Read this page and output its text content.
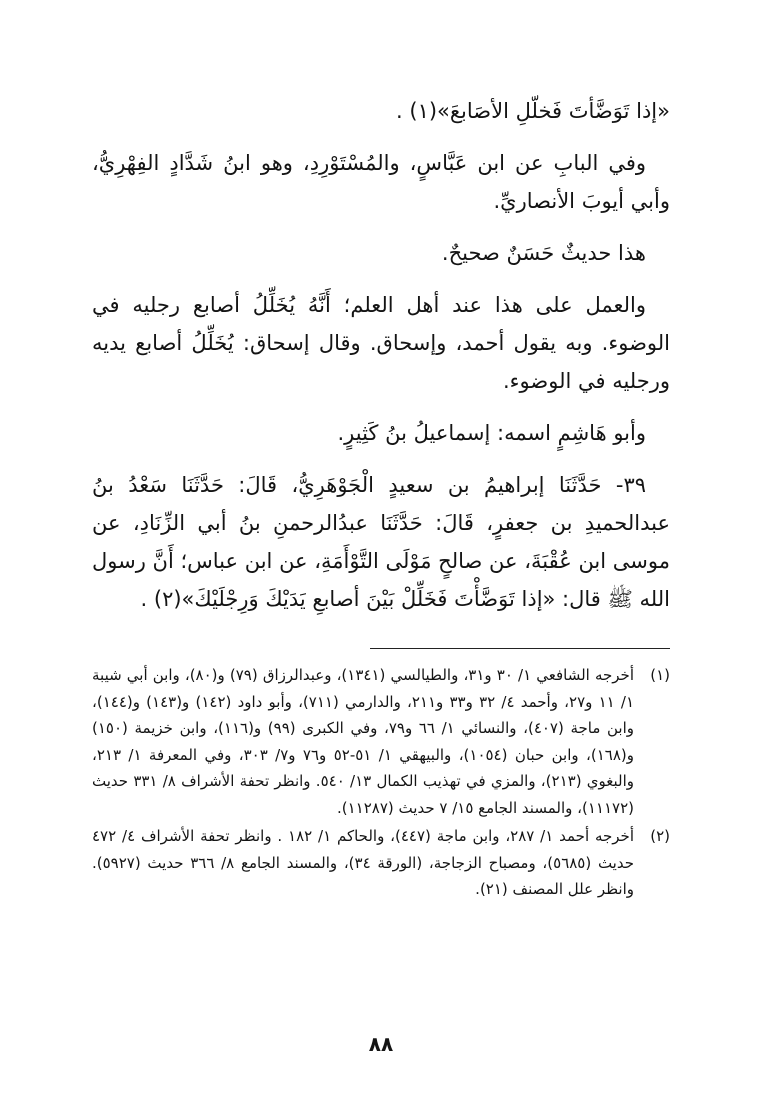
«إذا تَوَضَّأتَ فَخلّلِ الأصَابعَ»(١) .

وفي البابِ عن ابن عَبَّاسٍ، والمُسْتَوْرِدِ، وهو ابنُ شَدَّادٍ الفِهْرِيُّ، وأبي أيوبَ الأنصاريِّ.

هذا حديثٌ حَسَنٌ صحيحٌ.

والعمل على هذا عند أهل العلم؛ أَنَّهُ يُخَلِّلُ أصابع رجليه في الوضوء. وبه يقول أحمد، وإسحاق. وقال إسحاق: يُخَلِّلُ أصابع يديه ورجليه في الوضوء.

وأبو هَاشِمٍ اسمه: إسماعيلُ بنُ كَثِيرٍ.

٣٩- حَدَّثَنَا إبراهيمُ بن سعيدٍ الْجَوْهَرِيُّ، قَالَ: حَدَّثَنَا سَعْدُ بنُ عبدالحميدِ بن جعفرٍ، قَالَ: حَدَّثَنَا عبدُالرحمنِ بنُ أبي الزِّنَادِ، عن موسى ابن عُقْبَةَ، عن صالحٍ مَوْلَى التَّوْأَمَةِ، عن ابن عباس؛ أَنَّ رسول الله ﷺ قال: «إذا تَوَضَّأْتَ فَخَلِّلْ بَيْنَ أصابعِ يَدَيْكَ وَرِجْلَيْكَ»(٢) .

(١)
أخرجه الشافعي ١/ ٣٠ و٣١، والطيالسي (١٣٤١)، وعبدالرزاق (٧٩) و(٨٠)، وابن أبي شيبة ١/ ١١ و٢٧، وأحمد ٤/ ٣٢ و٣٣ و٢١١، والدارمي (٧١١)، وأبو داود (١٤٢) و(١٤٣) و(١٤٤)، وابن ماجة (٤٠٧)، والنسائي ١/ ٦٦ و٧٩، وفي الكبرى (٩٩) و(١١٦)، وابن خزيمة (١٥٠) و(١٦٨)، وابن حبان (١٠٥٤)، والبيهقي ١/ ٥١-٥٢ و٧٦ و٧/ ٣٠٣، وفي المعرفة ١/ ٢١٣، والبغوي (٢١٣)، والمزي في تهذيب الكمال ١٣/ ٥٤٠. وانظر تحفة الأشراف ٨/ ٣٣١ حديث (١١١٧٢)، والمسند الجامع ١٥/ ٧ حديث (١١٢٨٧).
(٢)
أخرجه أحمد ١/ ٢٨٧، وابن ماجة (٤٤٧)، والحاكم ١/ ١٨٢ . وانظر تحفة الأشراف ٤/ ٤٧٢ حديث (٥٦٨٥)، ومصباح الزجاجة، (الورقة ٣٤)، والمسند الجامع ٨/ ٣٦٦ حديث (٥٩٢٧). وانظر علل المصنف (٢١).
٨٨
